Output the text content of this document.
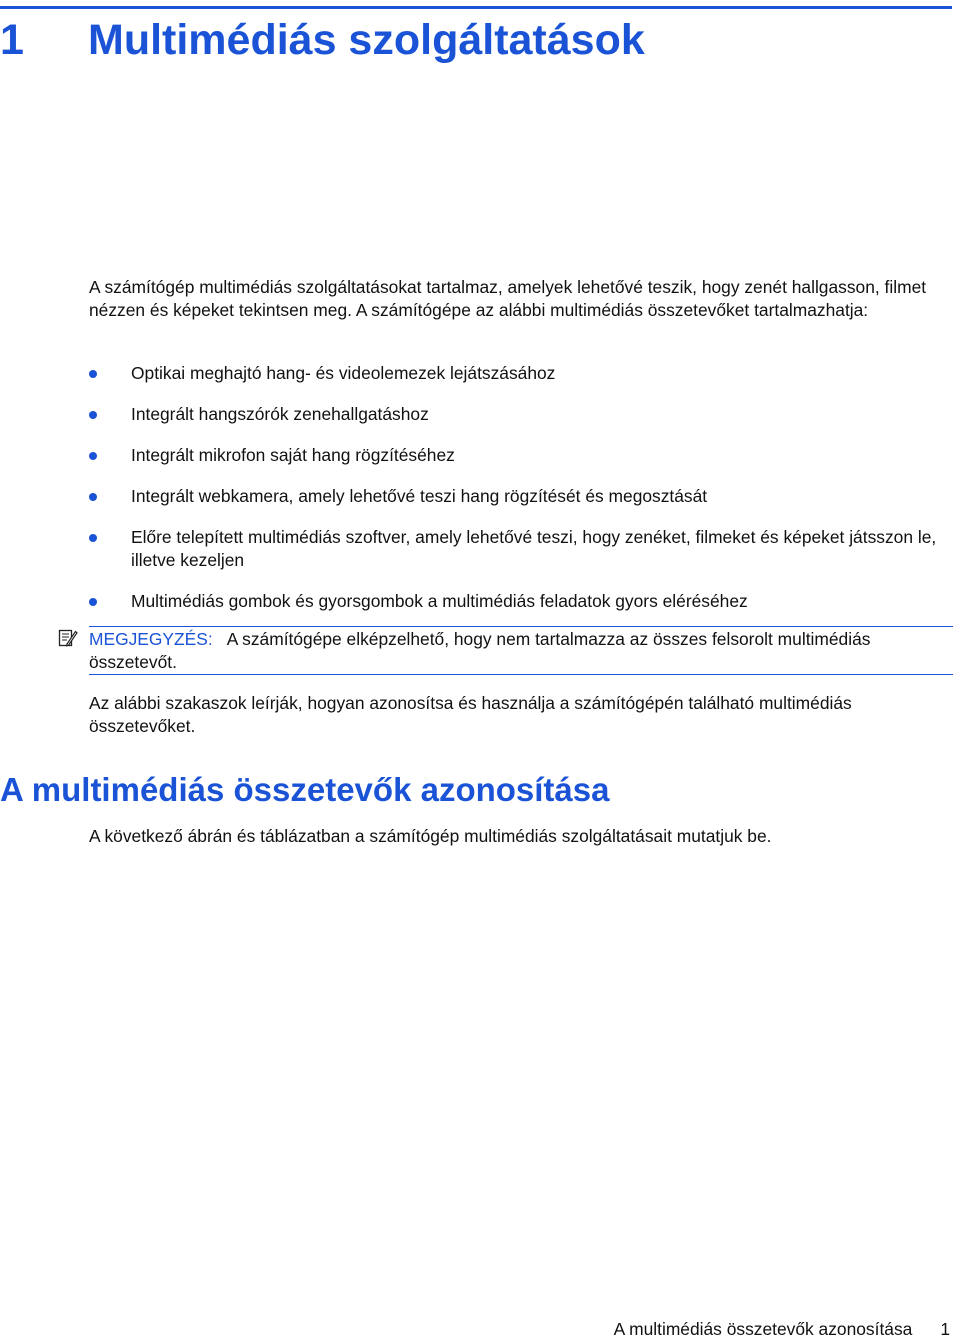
1 Multimédiás szolgáltatások

A számítógép multimédiás szolgáltatásokat tartalmaz, amelyek lehetővé teszik, hogy zenét hallgasson, filmet nézzen és képeket tekintsen meg. A számítógépe az alábbi multimédiás összetevőket tartalmazhatja:

Optikai meghajtó hang- és videolemezek lejátszásához
Integrált hangszórók zenehallgatáshoz
Integrált mikrofon saját hang rögzítéséhez
Integrált webkamera, amely lehetővé teszi hang rögzítését és megosztását
Előre telepített multimédiás szoftver, amely lehetővé teszi, hogy zenéket, filmeket és képeket játsszon le, illetve kezeljen
Multimédiás gombok és gyorsgombok a multimédiás feladatok gyors eléréséhez
MEGJEGYZÉS: A számítógépe elképzelhető, hogy nem tartalmazza az összes felsorolt multimédiás összetevőt.

Az alábbi szakaszok leírják, hogyan azonosítsa és használja a számítógépén található multimédiás összetevőket.

A multimédiás összetevők azonosítása

A következő ábrán és táblázatban a számítógép multimédiás szolgáltatásait mutatjuk be.

A multimédiás összetevők azonosítása 1
